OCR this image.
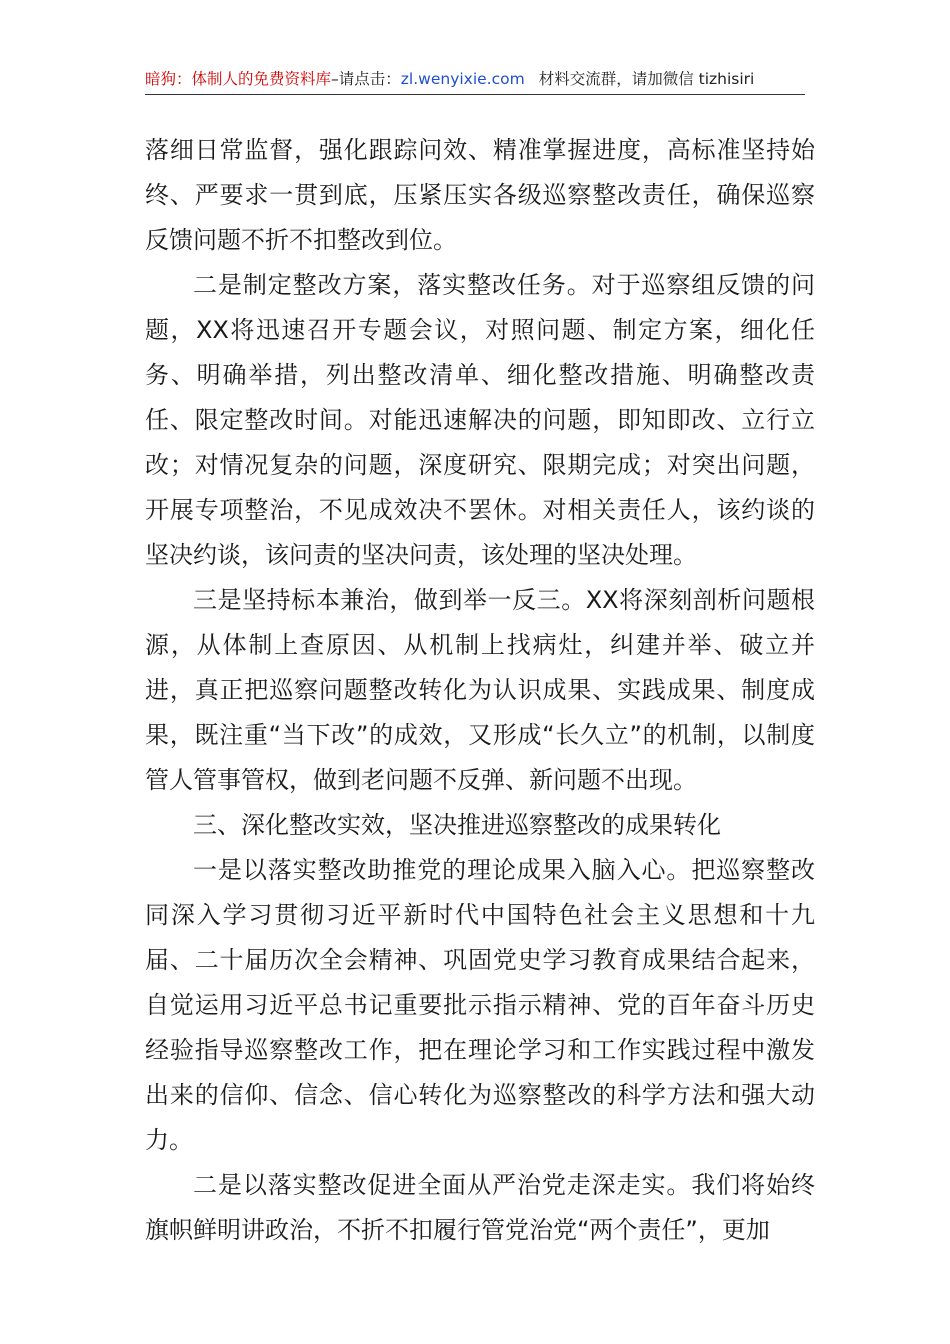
暗狗：体制人的免费资料库–请点击：zl.wenyixie.com 材料交流群，请加微信 tizhisiri

落细日常监督，强化跟踪问效、精准掌握进度，高标准坚持始终、严要求一贯到底，压紧压实各级巡察整改责任，确保巡察反馈问题不折不扣整改到位。

二是制定整改方案，落实整改任务。对于巡察组反馈的问题，XX将迅速召开专题会议，对照问题、制定方案，细化任务、明确举措，列出整改清单、细化整改措施、明确整改责任、限定整改时间。对能迅速解决的问题，即知即改、立行立改；对情况复杂的问题，深度研究、限期完成；对突出问题，开展专项整治，不见成效决不罢休。对相关责任人，该约谈的坚决约谈，该问责的坚决问责，该处理的坚决处理。

三是坚持标本兼治，做到举一反三。XX将深刻剖析问题根源，从体制上查原因、从机制上找病灶，纠建并举、破立并进，真正把巡察问题整改转化为认识成果、实践成果、制度成果，既注重“当下改”的成效，又形成“长久立”的机制，以制度管人管事管权，做到老问题不反弹、新问题不出现。

三、深化整改实效，坚决推进巡察整改的成果转化

一是以落实整改助推党的理论成果入脑入心。把巡察整改同深入学习贯彻习近平新时代中国特色社会主义思想和十九届、二十届历次全会精神、巩固党史学习教育成果结合起来，自觉运用习近平总书记重要批示指示精神、党的百年奋斗历史经验指导巡察整改工作，把在理论学习和工作实践过程中激发出来的信仰、信念、信心转化为巡察整改的科学方法和强大动力。

二是以落实整改促进全面从严治党走深走实。我们将始终旗帜鲜明讲政治，不折不扣履行管党治党“两个责任”，更加
